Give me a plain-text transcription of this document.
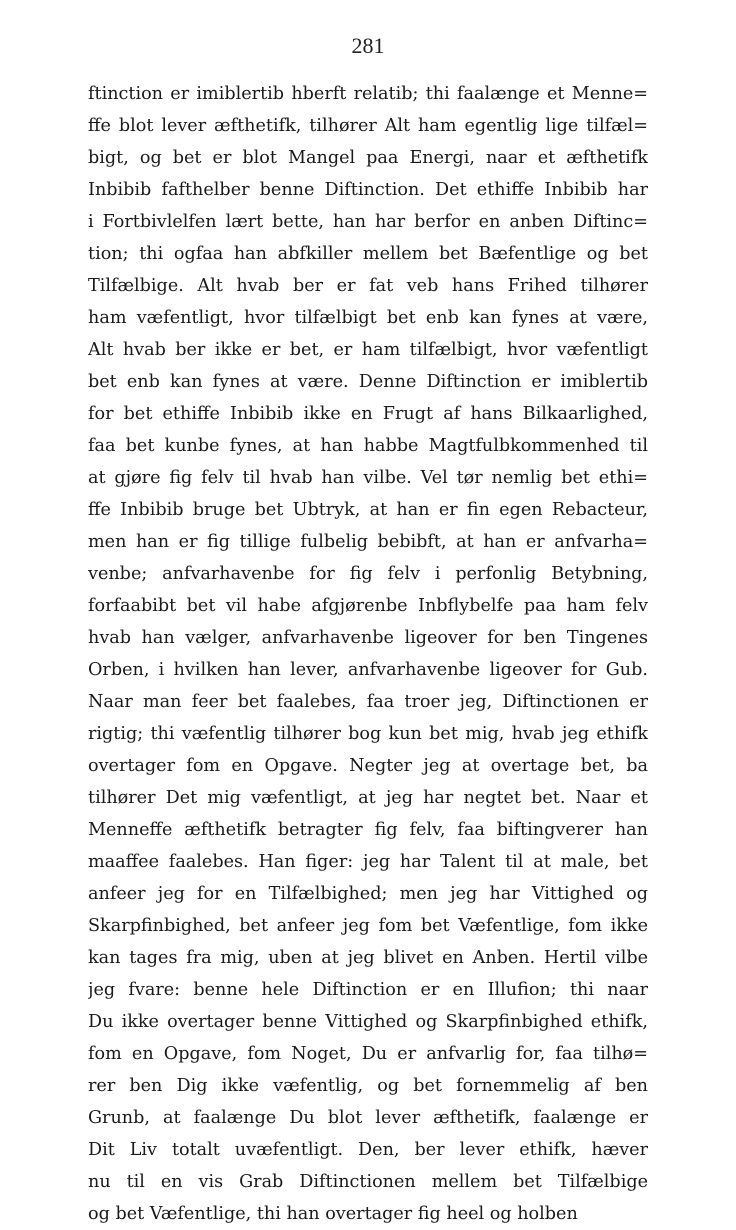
281
ftinction er imiblertib hberft relatib; thi faalænge et Menne=
ffe blot lever æfthetifk, tilhører Alt ham egentlig lige tilfæl=
bigt, og bet er blot Mangel paa Energi, naar et æfthetifk
Inbibib fafthelber benne Diftinction. Det ethiffe Inbibib har
i Fortbivlelfen lært bette, han har berfor en anben Diftinc=
tion; thi ogfaa han abfkiller mellem bet Bæfentlige og bet
Tilfælbige. Alt hvab ber er fat veb hans Frihed tilhører
ham væfentligt, hvor tilfælbigt bet enb kan fynes at være,
Alt hvab ber ikke er bet, er ham tilfælbigt, hvor væfentligt
bet enb kan fynes at være. Denne Diftinction er imiblertib
for bet ethiffe Inbibib ikke en Frugt af hans Bilkaarlighed,
faa bet kunbe fynes, at han habbe Magtfulbkommenhed til
at gjøre fig felv til hvab han vilbe. Vel tør nemlig bet ethi=
ffe Inbibib bruge bet Ubtryk, at han er fin egen Rebacteur,
men han er fig tillige fulbelig bebibft, at han er anfvarha=
venbe; anfvarhavenbe for fig felv i perfonlig Betybning,
forfaabibt bet vil habe afgjørenbe Inbflybelfe paa ham felv
hvab han vælger, anfvarhavenbe ligeover for ben Tingenes
Orben, i hvilken han lever, anfvarhavenbe ligeover for Gub.
Naar man feer bet faalebes, faa troer jeg, Diftinctionen er
rigtig; thi væfentlig tilhører bog kun bet mig, hvab jeg ethifk
overtager fom en Opgave. Negter jeg at overtage bet, ba
tilhører Det mig væfentligt, at jeg har negtet bet. Naar et
Menneffe æfthetifk betragter fig felv, faa biftingverer han
maaffee faalebes. Han figer: jeg har Talent til at male, bet
anfeer jeg for en Tilfælbighed; men jeg har Vittighed og
Skarpfinbighed, bet anfeer jeg fom bet Væfentlige, fom ikke
kan tages fra mig, uben at jeg blivet en Anben. Hertil vilbe
jeg fvare: benne hele Diftinction er en Illufion; thi naar
Du ikke overtager benne Vittighed og Skarpfinbighed ethifk,
fom en Opgave, fom Noget, Du er anfvarlig for, faa tilhø=
rer ben Dig ikke væfentlig, og bet fornemmelig af ben
Grunb, at faalænge Du blot lever æfthetifk, faalænge er
Dit Liv totalt uvæfentligt. Den, ber lever ethifk, hæver
nu til en vis Grab Diftinctionen mellem bet Tilfælbige
og bet Væfentlige, thi han overtager fig heel og holben
